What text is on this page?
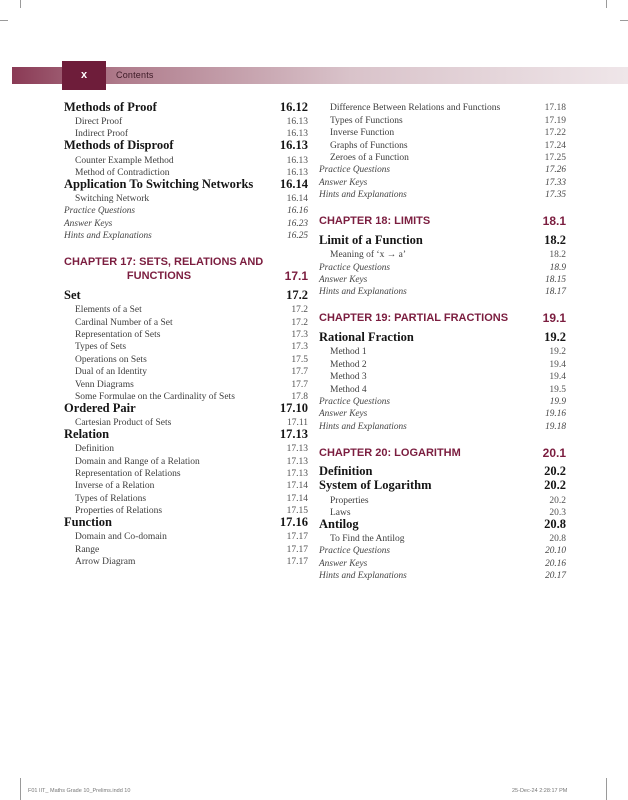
x	Contents
Methods of Proof	16.12
Direct Proof	16.13
Indirect Proof	16.13
Methods of Disproof	16.13
Counter Example Method	16.13
Method of Contradiction	16.13
Application To Switching Networks 16.14
Switching Network	16.14
Practice Questions	16.16
Answer Keys	16.23
Hints and Explanations	16.25
CHAPTER 17: SETS, RELATIONS AND
FUNCTIONS	17.1
Set	17.2
Elements of a Set	17.2
Cardinal Number of a Set	17.2
Representation of Sets	17.3
Types of Sets	17.3
Operations on Sets	17.5
Dual of an Identity	17.7
Venn Diagrams	17.7
Some Formulae on the Cardinality of Sets	17.8
Ordered Pair	17.10
Cartesian Product of Sets	17.11
Relation	17.13
Definition	17.13
Domain and Range of a Relation	17.13
Representation of Relations	17.13
Inverse of a Relation	17.14
Types of Relations	17.14
Properties of Relations	17.15
Function	17.16
Domain and Co-domain	17.17
Range	17.17
Arrow Diagram	17.17
Difference Between Relations and Functions	17.18
Types of Functions	17.19
Inverse Function	17.22
Graphs of Functions	17.24
Zeroes of a Function	17.25
Practice Questions	17.26
Answer Keys	17.33
Hints and Explanations	17.35
CHAPTER 18: LIMITS	18.1
Limit of a Function	18.2
Meaning of ‘x → a’	18.2
Practice Questions	18.9
Answer Keys	18.15
Hints and Explanations	18.17
CHAPTER 19: PARTIAL FRACTIONS	19.1
Rational Fraction	19.2
Method 1	19.2
Method 2	19.4
Method 3	19.4
Method 4	19.5
Practice Questions	19.9
Answer Keys	19.16
Hints and Explanations	19.18
CHAPTER 20: LOGARITHM	20.1
Definition	20.2
System of Logarithm	20.2
Properties	20.2
Laws	20.3
Antilog	20.8
To Find the Antilog	20.8
Practice Questions	20.10
Answer Keys	20.16
Hints and Explanations	20.17
F01 IIT_ Maths Grade 10_Prelims.indd 10	25-Dec-24 2:28:17 PM
